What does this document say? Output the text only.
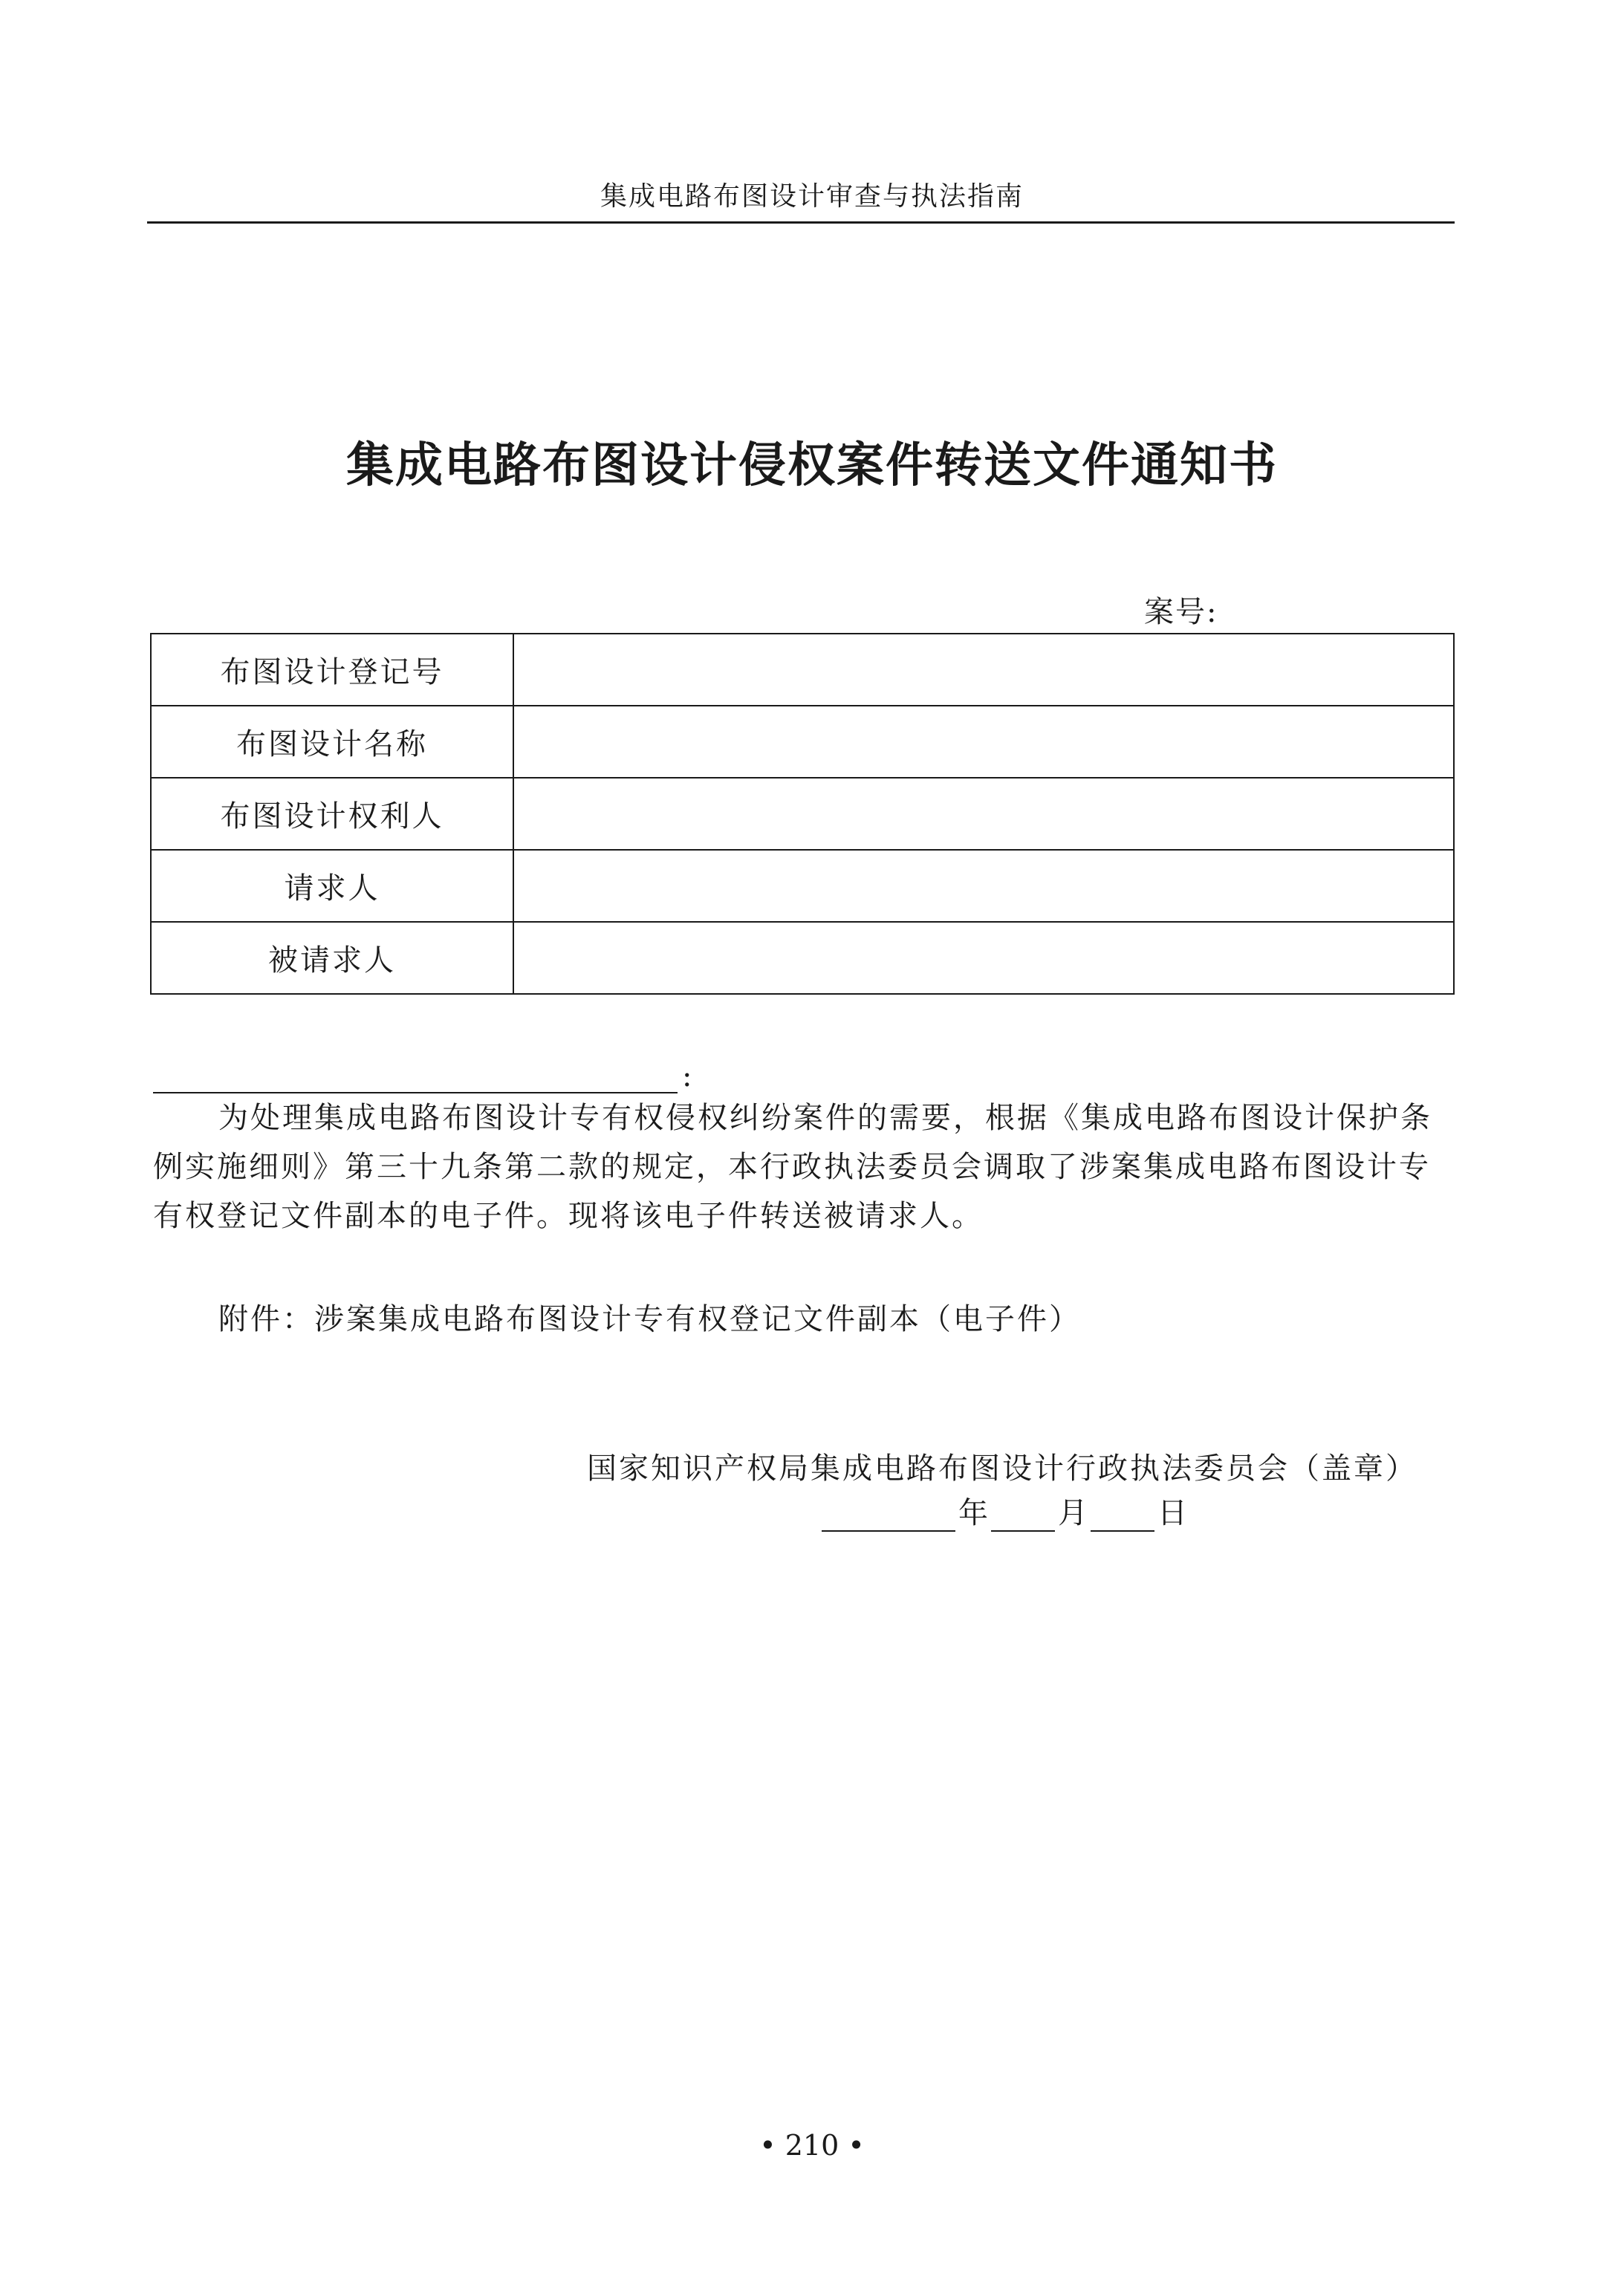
集成电路布图设计审查与执法指南
集成电路布图设计侵权案件转送文件通知书
案号:
布图设计登记号	
布图设计名称	
布图设计权利人	
请求人	
被请求人	
:

为处理集成电路布图设计专有权侵权纠纷案件的需要，根据《集成电路布图设计保护条例实施细则》第三十九条第二款的规定，本行政执法委员会调取了涉案集成电路布图设计专有权登记文件副本的电子件。现将该电子件转送被请求人。

附件：涉案集成电路布图设计专有权登记文件副本（电子件）

国家知识产权局集成电路布图设计行政执法委员会（盖章）
年 月 日
• 210 •
